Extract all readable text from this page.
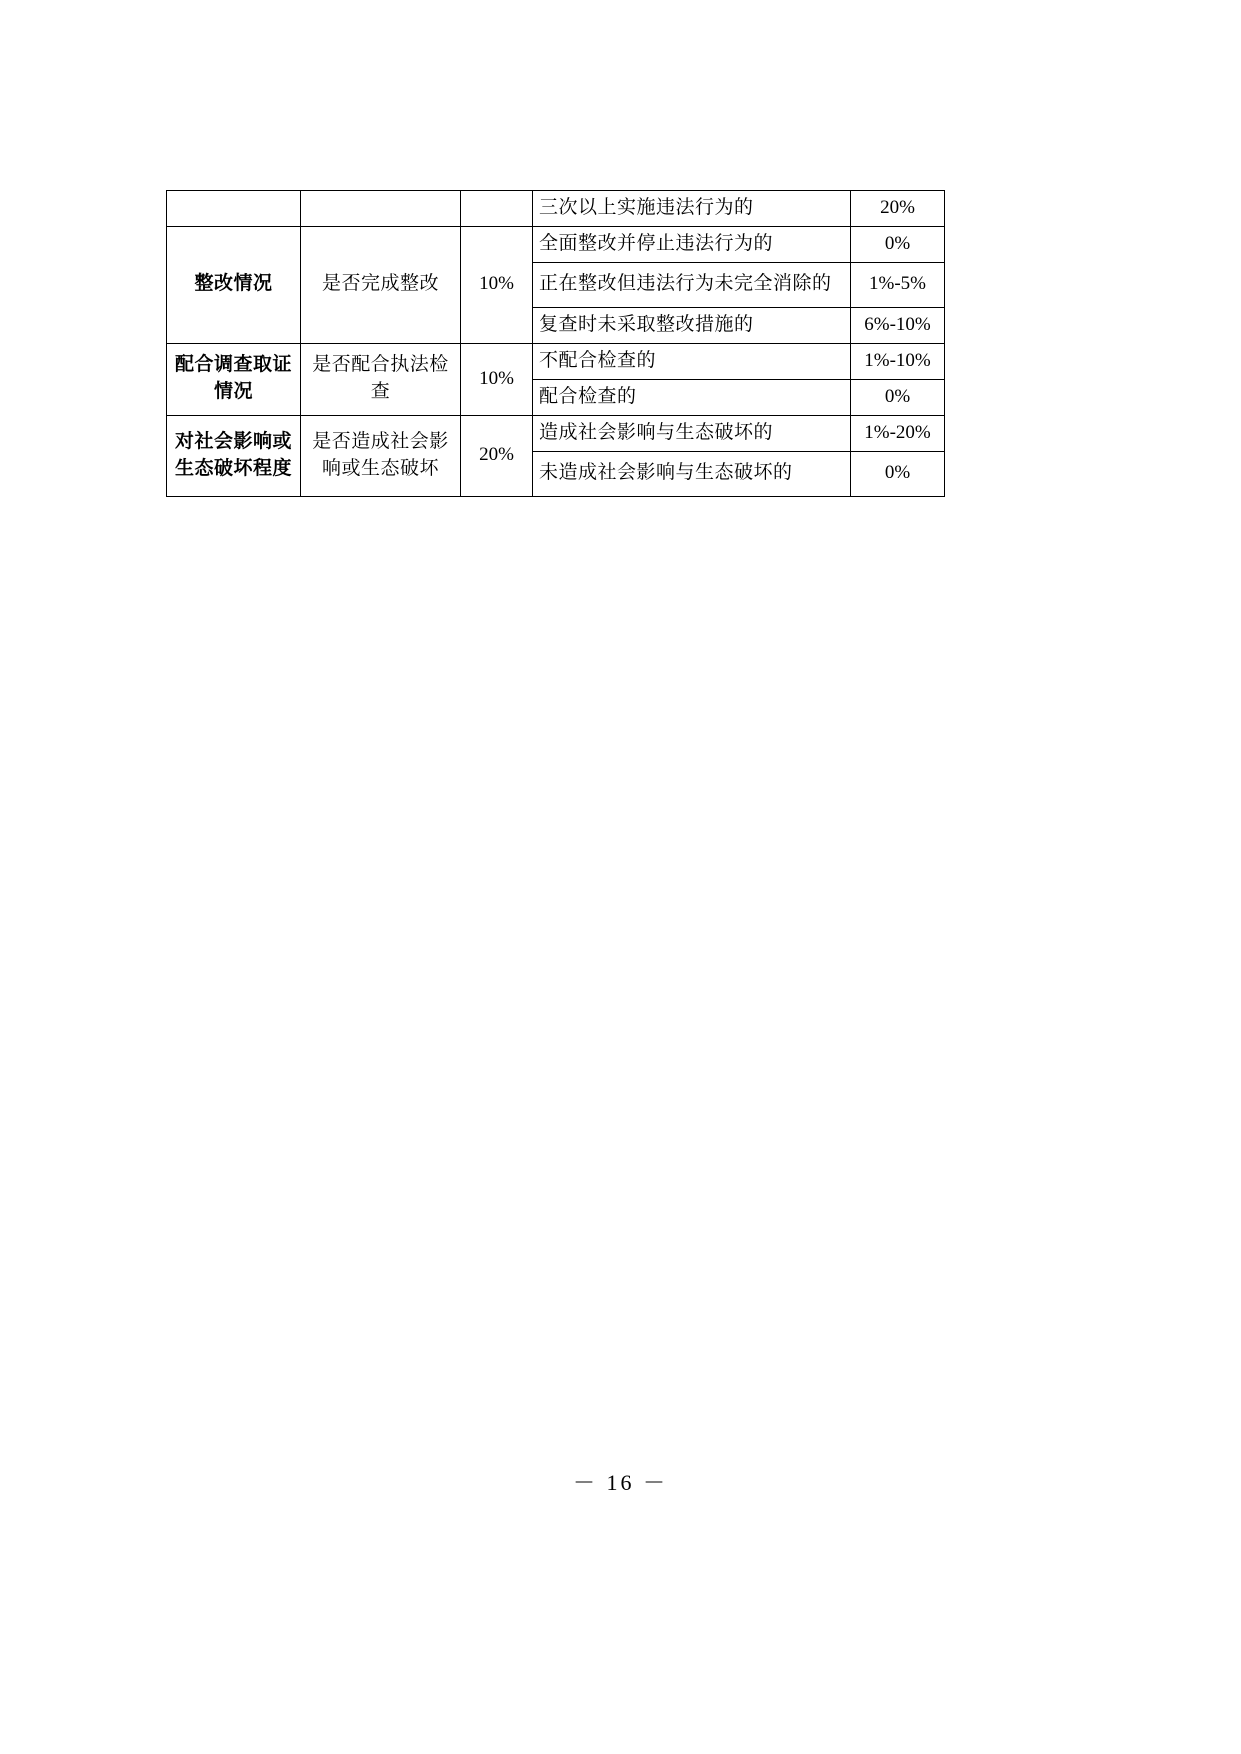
			三次以上实施违法行为的	20%
整改情况	是否完成整改	10%	全面整改并停止违法行为的	0%
			正在整改但违法行为未完全消除的	1%-5%
			复查时未采取整改措施的	6%-10%
配合调查取证情况	是否配合执法检查	10%	不配合检查的	1%-10%
			配合检查的	0%
对社会影响或生态破坏程度	是否造成社会影响或生态破坏	20%	造成社会影响与生态破坏的	1%-20%
			未造成社会影响与生态破坏的	0%
－ 16 －
